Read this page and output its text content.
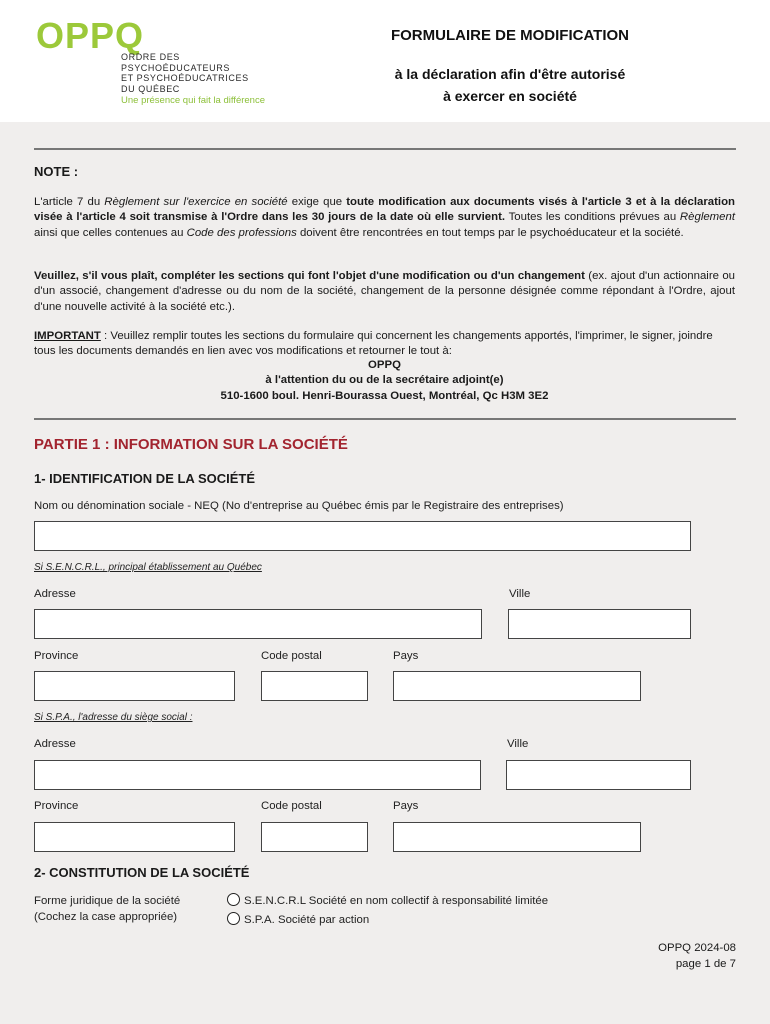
OPPQ
ORDRE DES
PSYCHOÉDUCATEURS
ET PSYCHOÉDUCATRICES
DU QUÉBEC
Une présence qui fait la différence
FORMULAIRE DE MODIFICATION
à la déclaration afin d'être autorisé
à exercer en société
NOTE :
L'article 7 du Règlement sur l'exercice en société exige que toute modification aux documents visés à l'article 3 et à la déclaration visée à l'article 4 soit transmise à l'Ordre dans les 30 jours de la date où elle survient. Toutes les conditions prévues au Règlement ainsi que celles contenues au Code des professions doivent être rencontrées en tout temps par le psychoéducateur et la société.
Veuillez, s'il vous plaît, compléter les sections qui font l'objet d'une modification ou d'un changement (ex. ajout d'un actionnaire ou d'un associé, changement d'adresse ou du nom de la société, changement de la personne désignée comme répondant à l'Ordre, ajout d'une nouvelle activité à la société etc.).
IMPORTANT : Veuillez remplir toutes les sections du formulaire qui concernent les changements apportés, l'imprimer, le signer, joindre tous les documents demandés en lien avec vos modifications et retourner le tout à:
OPPQ
à l'attention du ou de la secrétaire adjoint(e)
510-1600 boul. Henri-Bourassa Ouest, Montréal, Qc H3M 3E2
PARTIE 1 : INFORMATION SUR LA SOCIÉTÉ
1- IDENTIFICATION DE LA SOCIÉTÉ
Nom ou dénomination sociale - NEQ (No d'entreprise au Québec émis par le Registraire des entreprises)
Si S.E.N.C.R.L., principal établissement au Québec
Adresse	Ville
Province	Code postal	Pays
Si S.P.A., l'adresse du siège social :
Adresse	Ville
Province	Code postal	Pays
2- CONSTITUTION DE LA SOCIÉTÉ
Forme juridique de la société
(Cochez la case appropriée)
S.E.N.C.R.L Société en nom collectif à responsabilité limitée
S.P.A. Société par action
OPPQ 2024-08
page 1 de 7
